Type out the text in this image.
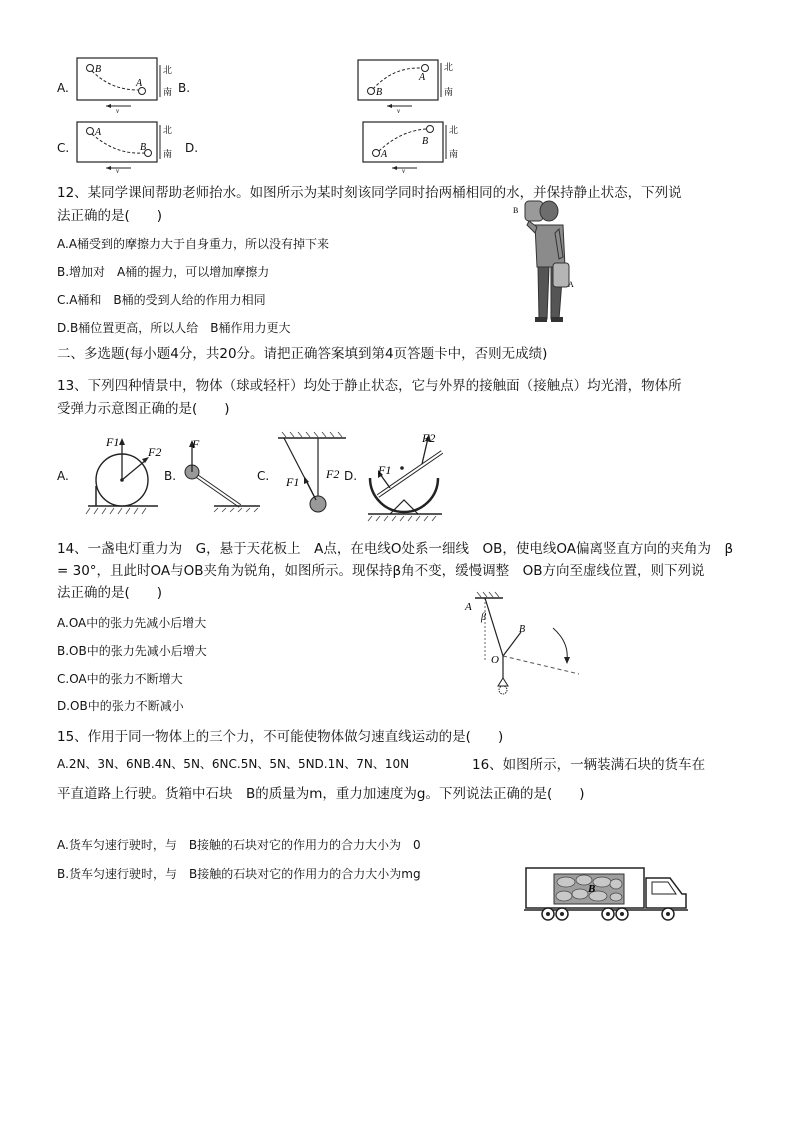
A.
B
A
北
南
v
B.
A
B
北
南
v
C.
A
B
北
南
v
D.	B
A
北
南
v
12、某同学课间帮助老师抬水。如图所示为某时刻该同学同时抬两桶相同的水，并保持静止状态，下列说
法正确的是(　　)
A.A桶受到的摩擦力大于自身重力，所以没有掉下来
B.增加对　A桶的握力，可以增加摩擦力
C.A桶和　B桶的受到人给的作用力相同
D.B桶位置更高，所以人给　B桶作用力更大
B
A
二、多选题(每小题4分，共20分。请把正确答案填到第4页答题卡中，否则无成绩)
13、下列四种情景中，物体（球或轻杆）均处于静止状态，它与外界的接触面（接触点）均光滑，物体所
受弹力示意图正确的是(　　)
A.
F1
F2
B.
F
C.	F2
F1	D. F1
F2
14、一盏电灯重力为　G，悬于天花板上　A点，在电线O处系一细线　OB，使电线OA偏离竖直方向的夹角为　β
= 30°，且此时OA与OB夹角为锐角，如图所示。现保持β角不变，缓慢调整　OB方向至虚线位置，则下列说
法正确的是(　　)
A.OA中的张力先减小后增大
B.OB中的张力先减小后增大
C.OA中的张力不断增大
D.OB中的张力不断减小
A
β
O
B
15、作用于同一物体上的三个力，不可能使物体做匀速直线运动的是(　　)
A.2N、3N、6NB.4N、5N、6NC.5N、5N、5ND.1N、7N、10N	16、如图所示，一辆装满石块的货车在
平直道路上行驶。货箱中石块　B的质量为m，重力加速度为g。下列说法正确的是(　　)
A.货车匀速行驶时，与　B接触的石块对它的作用力的合力大小为　0
B.货车匀速行驶时，与　B接触的石块对它的作用力的合力大小为mg
B
